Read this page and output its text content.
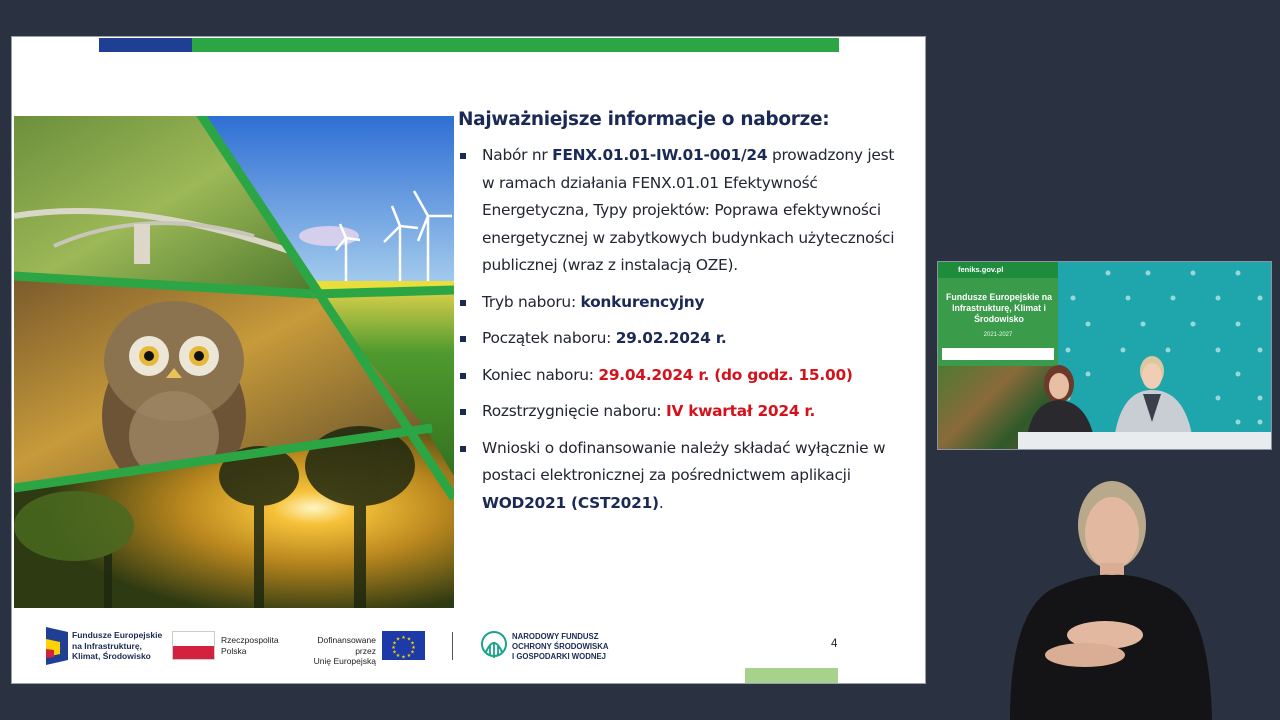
Najważniejsze informacje o naborze:
Nabór nr FENX.01.01-IW.01-001/24 prowadzony jest w ramach działania FENX.01.01 Efektywność Energetyczna, Typy projektów: Poprawa efektywności energetycznej w zabytkowych budynkach użyteczności publicznej (wraz z instalacją OZE).
Tryb naboru: konkurencyjny
Początek naboru: 29.02.2024 r.
Koniec naboru: 29.04.2024 r. (do godz. 15.00)
Rozstrzygnięcie naboru: IV kwartał 2024 r.
Wnioski o dofinansowanie należy składać wyłącznie w postaci elektronicznej za pośrednictwem aplikacji WOD2021 (CST2021).
Fundusze Europejskie
na Infrastrukturę,
Klimat, Środowisko
Rzeczpospolita
Polska
Dofinansowane przez
Unię Europejską
★ ★
★
★
★
★
★
★
★
★
★
★	NARODOWY FUNDUSZ
OCHRONY ŚRODOWISKA
I GOSPODARKI WODNEJ
4
feniks.gov.pl
Fundusze Europejskie na Infrastrukturę, Klimat i Środowisko
2021-2027
